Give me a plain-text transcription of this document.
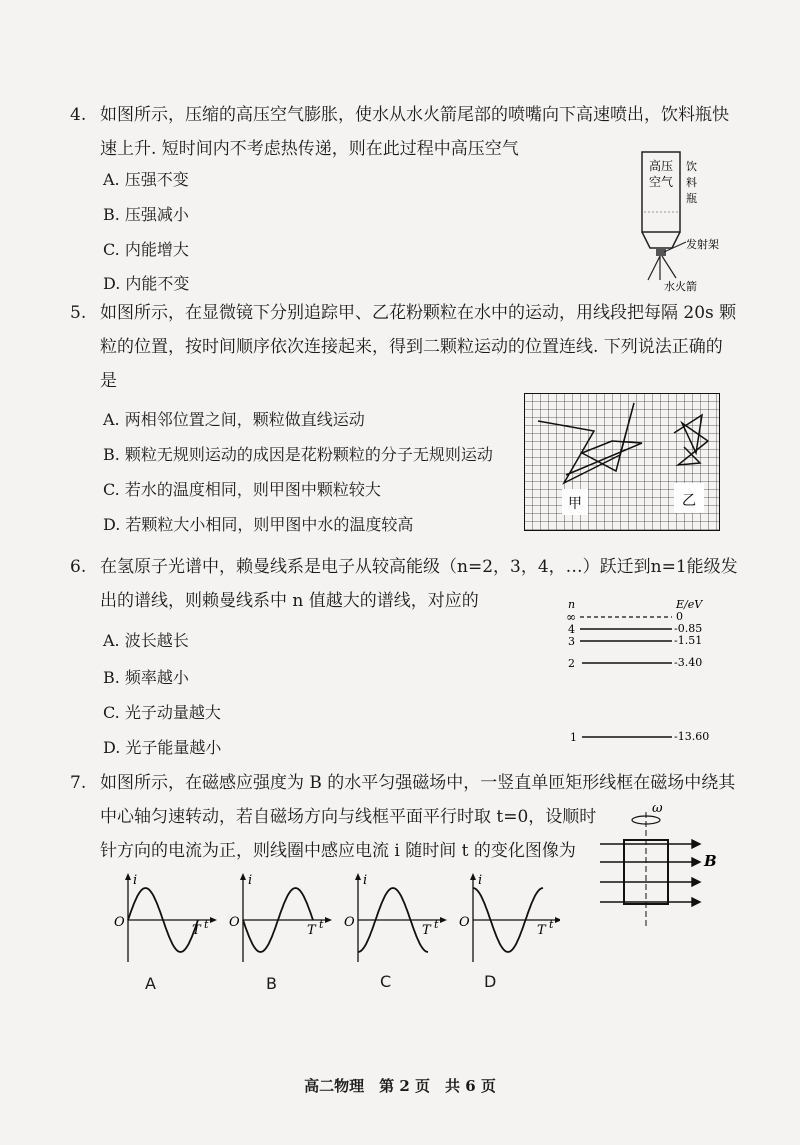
4. 如图所示，压缩的高压空气膨胀，使水从水火箭尾部的喷嘴向下高速喷出，饮料瓶快
速上升. 短时间内不考虑热传递，则在此过程中高压空气
A. 压强不变
B. 压强减小
C. 内能增大
D. 内能不变
高压
空气
饮
料
瓶
发射架
水火箭
5. 如图所示，在显微镜下分别追踪甲、乙花粉颗粒在水中的运动，用线段把每隔 20s 颗
粒的位置，按时间顺序依次连接起来，得到二颗粒运动的位置连线. 下列说法正确的
是
A. 两相邻位置之间，颗粒做直线运动
B. 颗粒无规则运动的成因是花粉颗粒的分子无规则运动
C. 若水的温度相同，则甲图中颗粒较大
D. 若颗粒大小相同，则甲图中水的温度较高
甲	乙
6. 在氢原子光谱中，赖曼线系是电子从较高能级（n=2，3，4，…）跃迁到n=1能级发
出的谱线，则赖曼线系中 n 值越大的谱线，对应的
A. 波长越长
B. 频率越小
C. 光子动量越大
D. 光子能量越小
n	E/eV
∞	0
4	-0.85
3	-1.51
2	-3.40
1	-13.60
7. 如图所示，在磁感应强度为 B 的水平匀强磁场中，一竖直单匝矩形线框在磁场中绕其
中心轴匀速转动，若自磁场方向与线框平面平行时取 t=0，设顺时
针方向的电流为正，则线圈中感应电流 i 随时间 t 的变化图像为
ω
B
i
O
T t
i
O
T t
i
O
T t
i
O
T t
A	B	C	D
高二物理　第 2 页　共 6 页
